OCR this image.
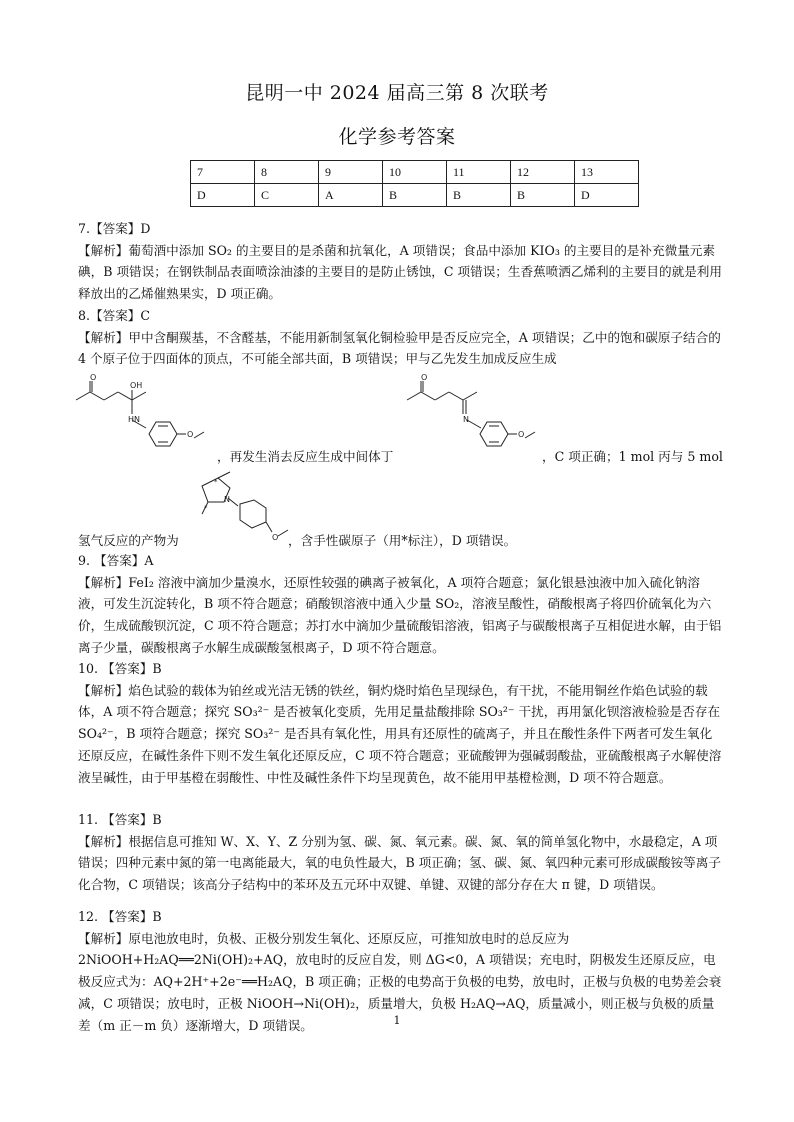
昆明一中 2024 届高三第 8 次联考
化学参考答案
7	8	9	10	11	12	13
D	C	A	B	B	B	D
7.【答案】D
【解析】葡萄酒中添加 SO₂ 的主要目的是杀菌和抗氧化，A 项错误；食品中添加 KIO₃ 的主要目的是补充微量元素碘，B 项错误；在钢铁制品表面喷涂油漆的主要目的是防止锈蚀，C 项错误；生香蕉喷洒乙烯利的主要目的就是利用释放出的乙烯催熟果实，D 项正确。
8.【答案】C
【解析】甲中含酮羰基，不含醛基，不能用新制氢氧化铜检验甲是否反应完全，A 项错误；乙中的饱和碳原子结合的 4 个原子位于四面体的顶点，不可能全部共面，B 项错误；甲与乙先发生加成反应生成
O
OH
HN
O
，再发生消去反应生成中间体丁
O
N
O
，C 项正确；1 mol 丙与 5 mol
N
*
*
O
氢气反应的产物为	，含手性碳原子（用*标注），D 项错误。
9. 【答案】A
【解析】FeI₂ 溶液中滴加少量溴水，还原性较强的碘离子被氧化，A 项符合题意；氯化银悬浊液中加入硫化钠溶液，可发生沉淀转化，B 项不符合题意；硝酸钡溶液中通入少量 SO₂，溶液呈酸性，硝酸根离子将四价硫氧化为六价，生成硫酸钡沉淀，C 项不符合题意；苏打水中滴加少量硫酸铝溶液，铝离子与碳酸根离子互相促进水解，由于铝离子少量，碳酸根离子水解生成碳酸氢根离子，D 项不符合题意。
10. 【答案】B
【解析】焰色试验的载体为铂丝或光洁无锈的铁丝，铜灼烧时焰色呈现绿色，有干扰，不能用铜丝作焰色试验的载体，A 项不符合题意；探究 SO₃²⁻ 是否被氧化变质，先用足量盐酸排除 SO₃²⁻ 干扰，再用氯化钡溶液检验是否存在 SO₄²⁻，B 项符合题意；探究 SO₃²⁻ 是否具有氧化性，用具有还原性的硫离子，并且在酸性条件下两者可发生氧化还原反应，在碱性条件下则不发生氧化还原反应，C 项不符合题意；亚硫酸钾为强碱弱酸盐，亚硫酸根离子水解使溶液呈碱性，由于甲基橙在弱酸性、中性及碱性条件下均呈现黄色，故不能用甲基橙检测，D 项不符合题意。
11. 【答案】B
【解析】根据信息可推知 W、X、Y、Z 分别为氢、碳、氮、氧元素。碳、氮、氧的简单氢化物中，水最稳定，A 项错误；四种元素中氮的第一电离能最大，氧的电负性最大，B 项正确；氢、碳、氮、氧四种元素可形成碳酸铵等离子化合物，C 项错误；该高分子结构中的苯环及五元环中双键、单键、双键的部分存在大 π 键，D 项错误。
12. 【答案】B
【解析】原电池放电时，负极、正极分别发生氧化、还原反应，可推知放电时的总反应为 2NiOOH+H₂AQ══2Ni(OH)₂+AQ，放电时的反应自发，则 ΔG<0，A 项错误；充电时，阴极发生还原反应，电极反应式为：AQ+2H⁺+2e⁻══H₂AQ，B 项正确；正极的电势高于负极的电势，放电时，正极与负极的电势差会衰减，C 项错误；放电时，正极 NiOOH→Ni(OH)₂，质量增大，负极 H₂AQ→AQ，质量减小，则正极与负极的质量差（m 正－m 负）逐渐增大，D 项错误。	1
